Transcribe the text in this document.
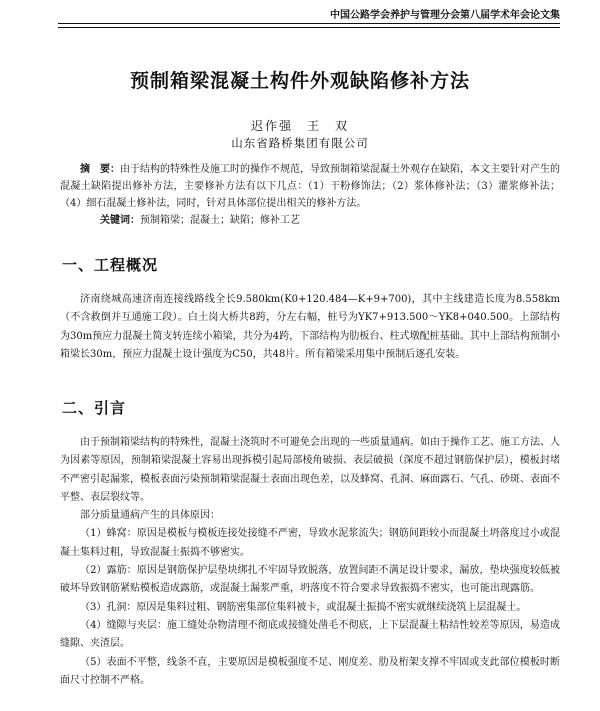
中国公路学会养护与管理分会第八届学术年会论文集
预制箱梁混凝土构件外观缺陷修补方法
迟作强　王　双
山东省路桥集团有限公司

摘　要：由于结构的特殊性及施工时的操作不规范，导致预制箱梁混凝土外观存在缺陷，本文主要针对产生的混凝土缺陷提出修补方法，主要修补方法有以下几点：（1）干粉修饰法；（2）浆体修补法；（3）灌浆修补法；（4）细石混凝土修补法，同时，针对具体部位提出相关的修补方法。

关键词：预制箱梁；混凝土；缺陷；修补工艺

一、工程概况

济南绕城高速济南连接线路线全长9.580km(K0+120.484—K+9+700)，其中主线建造长度为8.558km（不含救倒并互通施工段）。白土岗大桥共8跨，分左右幅，桩号为YK7+913.500～YK8+040.500。上部结构为30m预应力混凝土简支转连续小箱梁，共分为4跨，下部结构为肋板台、柱式墩配桩基础。其中上部结构预制小箱梁长30m，预应力混凝土设计强度为C50，共48片。所有箱梁采用集中预制后逐孔安装。

二、引言

由于预制箱梁结构的特殊性，混凝土浇筑时不可避免会出现的一些质量通病。如由于操作工艺、施工方法、人为因素等原因，预制箱梁混凝土容易出现拆模引起局部棱角破损、表层破损（深度不超过钢筋保护层），模板封堵不严密引起漏浆，模板表面污染预制箱梁混凝土表面出现色差，以及蜂窝、孔洞、麻面露石、气孔、砂斑、表面不平整、表层裂纹等。

部分质量通病产生的具体原因：

（1）蜂窝：原因是模板与模板连接处接缝不严密，导致水泥浆流失；钢筋间距较小而混凝土坍落度过小或混凝土集料过粗，导致混凝土振捣不够密实。

（2）露筋：原因是钢筋保护层垫块绑扎不牢固导致脱落，放置间距不满足设计要求，漏放，垫块强度较低被破坏导致钢筋紧贴模板造成露筋，或混凝土漏浆严重，坍落度不符合要求导致振捣不密实，也可能出现露筋。

（3）孔洞：原因是集料过粗、钢筋密集部位集料被卡，或混凝土振捣不密实就继续浇筑上层混凝土。

（4）缝隙与夹层：施工缝处杂物清理不彻底或接缝处凿毛不彻底，上下层混凝土粘结性较差等原因，易造成缝隙、夹渣层。

（5）表面不平整，线条不直，主要原因是模板强度不足、刚度差、肋及桁架支撑不牢固或支此部位模板时断面尺寸控制不严格。
